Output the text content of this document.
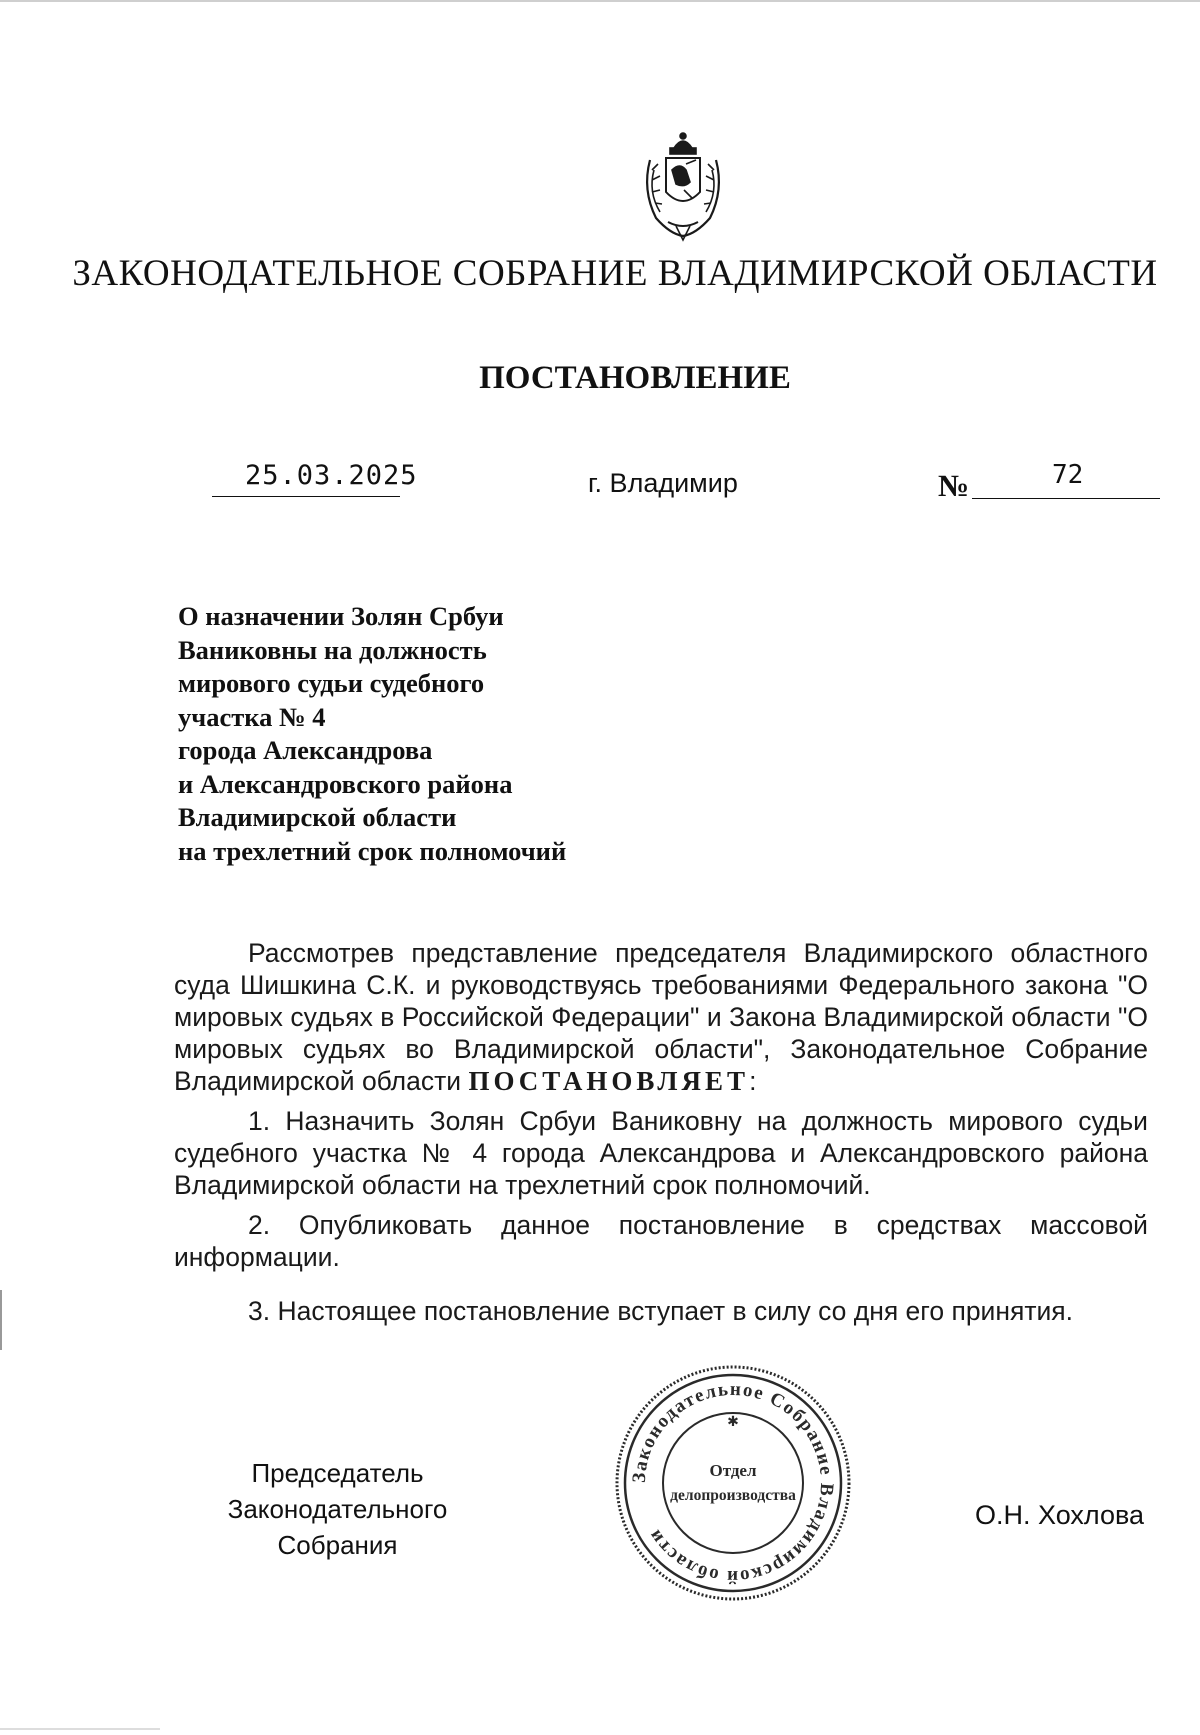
ЗАКОНОДАТЕЛЬНОЕ СОБРАНИЕ ВЛАДИМИРСКОЙ ОБЛАСТИ
ПОСТАНОВЛЕНИЕ
25.03.2025	г. Владимир	№	72
О назначении Золян Србуи
Ваниковны на должность
мирового судьи судебного
участка № 4
города Александрова
и Александровского района
Владимирской области
на трехлетний срок полномочий

Рассмотрев представление председателя Владимирского областного суда Шишкина С.К. и руководствуясь требованиями Федерального закона "О мировых судьях в Российской Федерации" и Закона Владимирской области "О мировых судьях во Владимирской области", Законодательное Собрание Владимирской области ПОСТАНОВЛЯЕТ:

1. Назначить Золян Србуи Ваниковну на должность мирового судьи судебного участка № 4 города Александрова и Александровского района Владимирской области на трехлетний срок полномочий.

2. Опубликовать данное постановление в средствах массовой информации.

3. Настоящее постановление вступает в силу со дня его принятия.

Председатель
Законодательного Собрания
О.Н. Хохлова
Законодательное Собрание Владимирской области
✱
Отдел
делопроизводства
